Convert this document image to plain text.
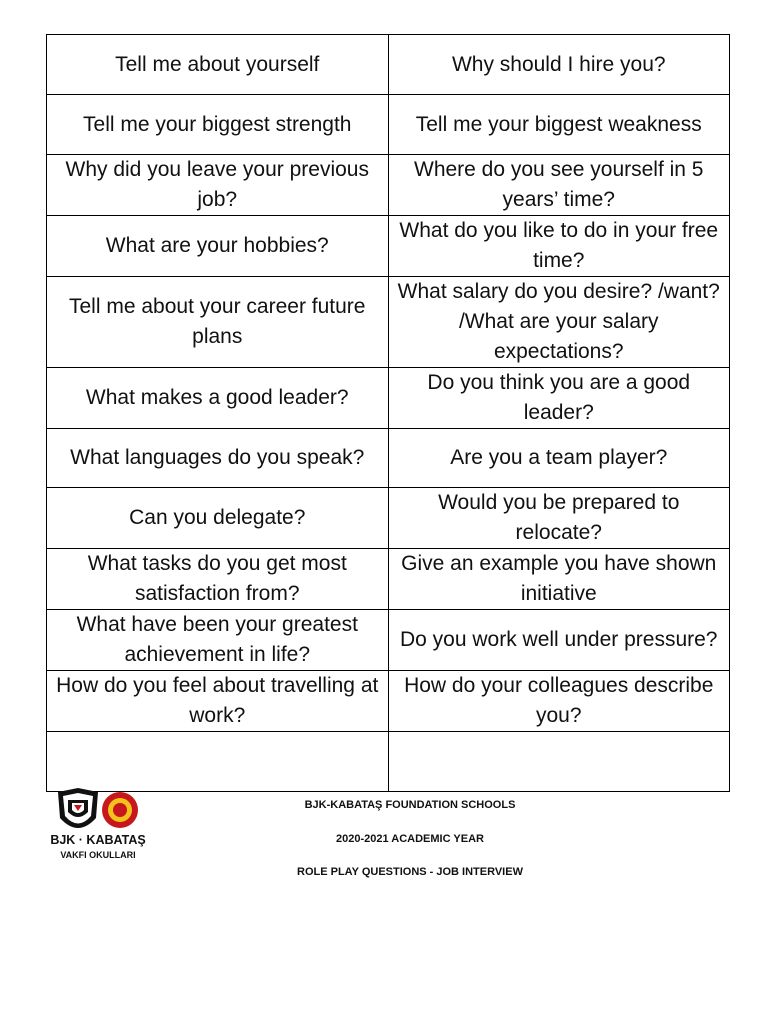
Tell me about yourself	Why should I hire you?
Tell me your biggest strength	Tell me your biggest weakness
Why did you leave your previous job?	Where do you see yourself in 5 years’ time?
What are your hobbies?	What do you like to do in your free time?
Tell me about your career future plans	What salary do you desire? /want? /What are your salary expectations?
What makes a good leader?	Do you think you are a good leader?
What languages do you speak?	Are you a team player?
Can you delegate?	Would you be prepared to relocate?
What tasks do you get most satisfaction from?	Give an example you have shown initiative
What have been your greatest achievement in life?	Do you work well under pressure?
How do you feel about travelling at work?	How do your colleagues describe you?

BJK · KABATAŞ
VAKFI OKULLARI
BJK-KABATAŞ FOUNDATION SCHOOLS
2020-2021 ACADEMIC YEAR
ROLE PLAY QUESTIONS - JOB INTERVIEW
